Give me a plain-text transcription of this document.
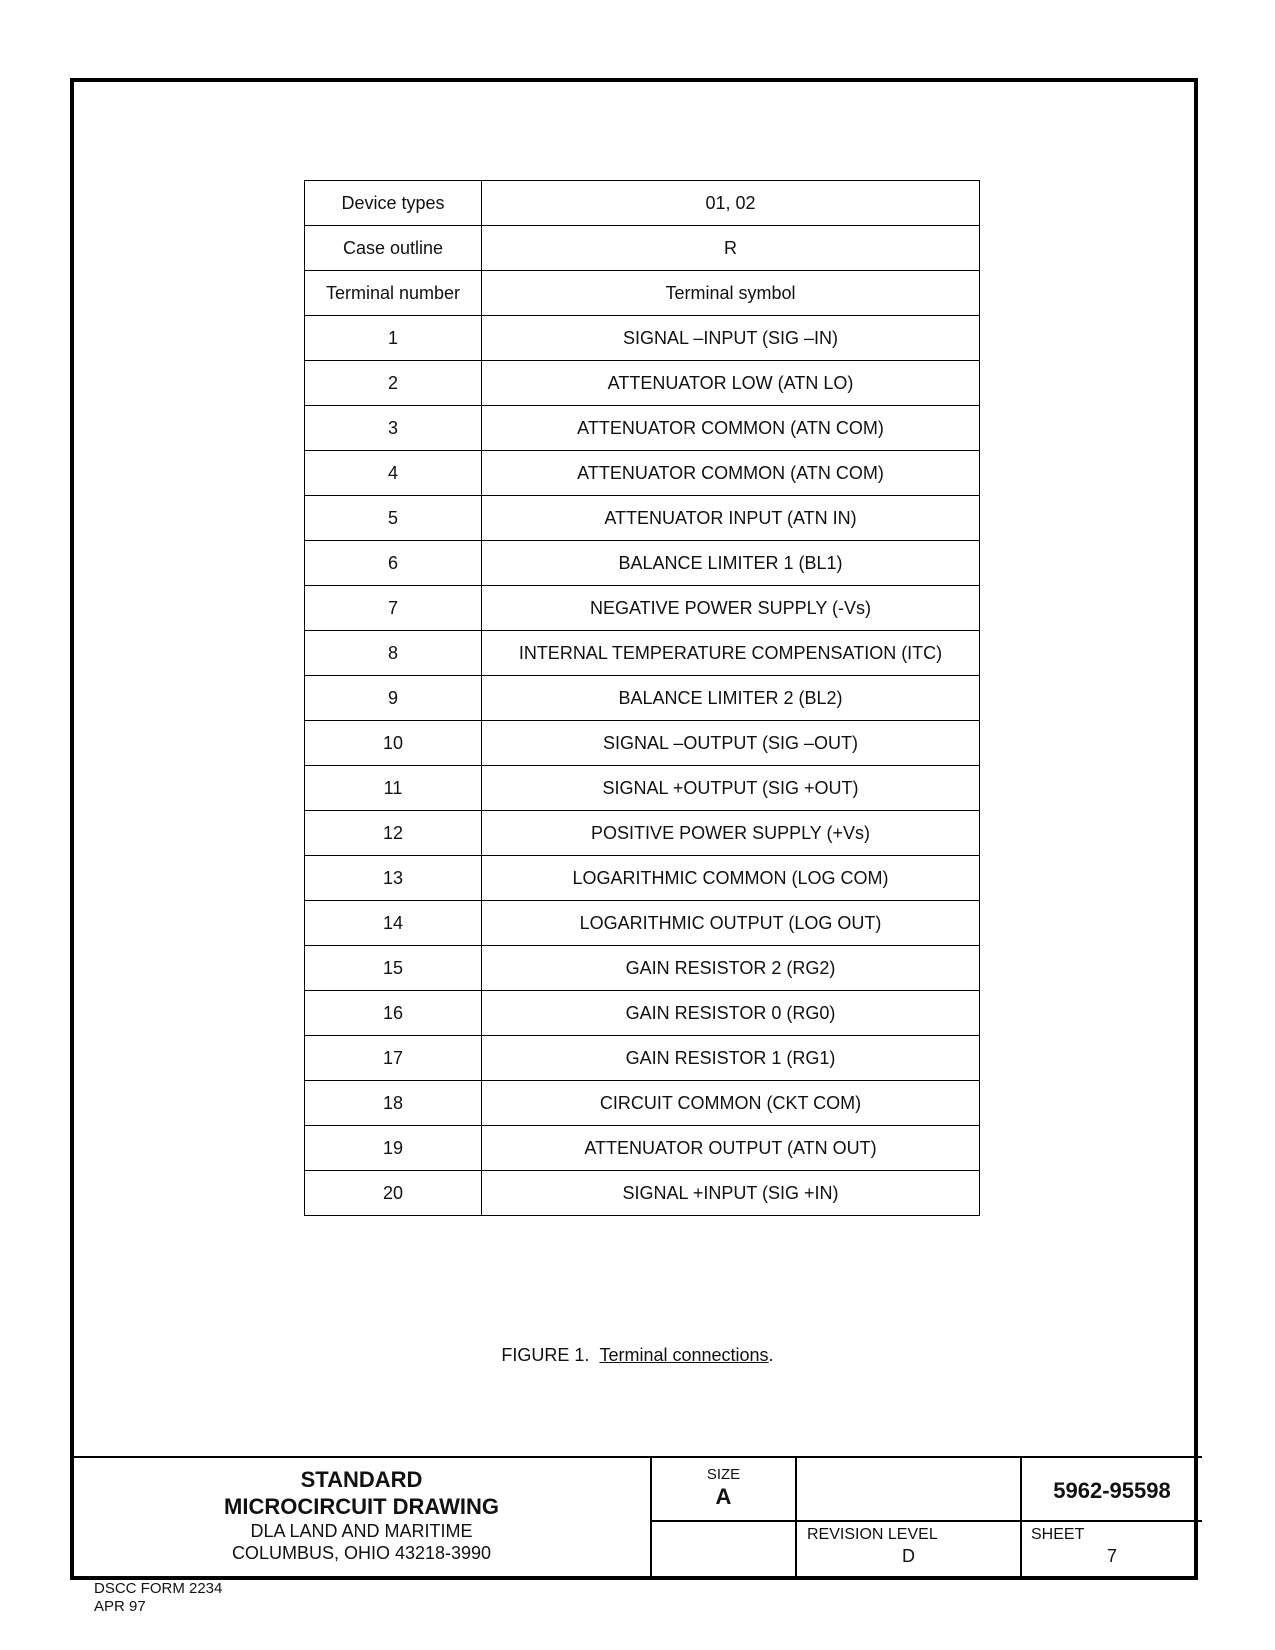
Device types	01, 02
Case outline	R
Terminal number	Terminal symbol
1	SIGNAL –INPUT (SIG –IN)
2	ATTENUATOR LOW (ATN LO)
3	ATTENUATOR COMMON (ATN COM)
4	ATTENUATOR COMMON (ATN COM)
5	ATTENUATOR INPUT (ATN IN)
6	BALANCE LIMITER 1 (BL1)
7	NEGATIVE POWER SUPPLY (-Vs)
8	INTERNAL TEMPERATURE COMPENSATION (ITC)
9	BALANCE LIMITER 2 (BL2)
10	SIGNAL –OUTPUT (SIG –OUT)
11	SIGNAL +OUTPUT (SIG +OUT)
12	POSITIVE POWER SUPPLY (+Vs)
13	LOGARITHMIC COMMON (LOG COM)
14	LOGARITHMIC OUTPUT (LOG OUT)
15	GAIN RESISTOR 2 (RG2)
16	GAIN RESISTOR 0 (RG0)
17	GAIN RESISTOR 1 (RG1)
18	CIRCUIT COMMON (CKT COM)
19	ATTENUATOR OUTPUT (ATN OUT)
20	SIGNAL +INPUT (SIG +IN)
FIGURE 1. Terminal connections.
STANDARD
MICROCIRCUIT DRAWING
DLA LAND AND MARITIME
COLUMBUS, OHIO 43218-3990
SIZE
A	5962-95598
REVISION LEVEL
D
SHEET
7
DSCC FORM 2234
APR 97
